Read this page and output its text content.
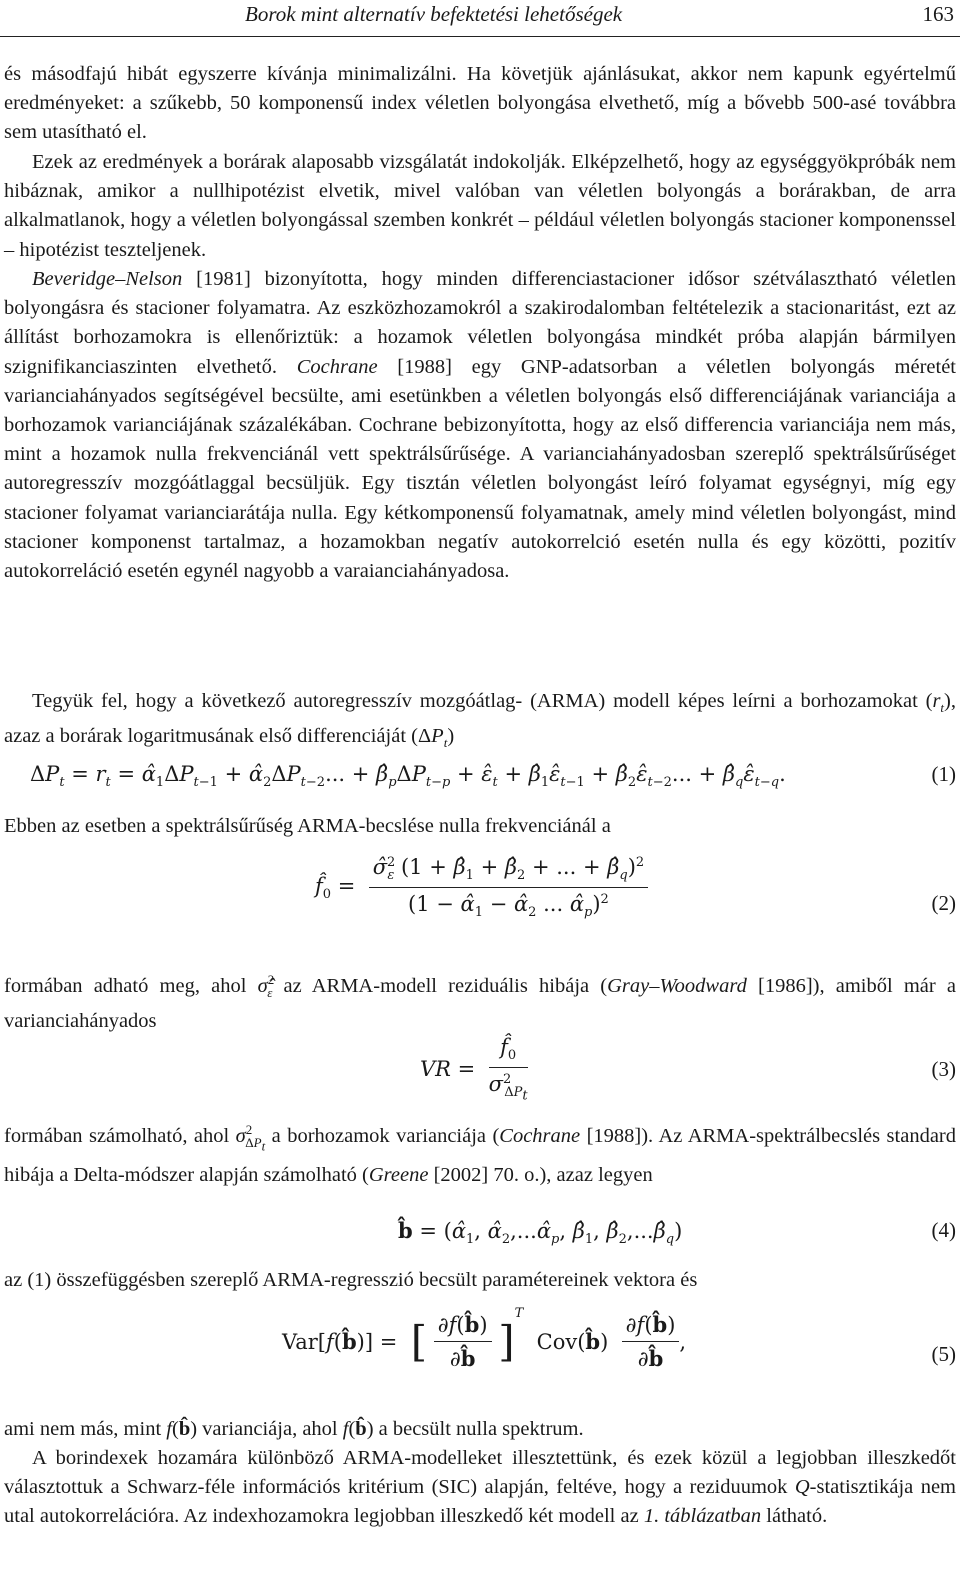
Borok mint alternatív befektetési lehetőségek	163

és másodfajú hibát egyszerre kívánja minimalizálni. Ha követjük ajánlásukat, akkor nem kapunk egyértelmű eredményeket: a szűkebb, 50 komponensű index véletlen bolyongása elvethető, míg a bővebb 500-asé továbbra sem utasítható el.

Ezek az eredmények a borárak alaposabb vizsgálatát indokolják. Elképzelhető, hogy az egységgyökpróbák nem hibáznak, amikor a nullhipotézist elvetik, mivel valóban van véletlen bolyongás a borárakban, de arra alkalmatlanok, hogy a véletlen bolyongással szemben konkrét – például véletlen bolyongás stacioner komponenssel – hipotézist teszteljenek.

Beveridge–Nelson [1981] bizonyította, hogy minden differenciastacioner idősor szétválasztható véletlen bolyongásra és stacioner folyamatra. Az eszközhozamokról a szakirodalomban feltételezik a stacionaritást, ezt az állítást borhozamokra is ellenőriztük: a hozamok véletlen bolyongása mindkét próba alapján bármilyen szignifikanciaszinten elvethető. Cochrane [1988] egy GNP-adatsorban a véletlen bolyongás méretét varianciahányados segítségével becsülte, ami esetünkben a véletlen bolyongás első differenciájának varianciája a borhozamok varianciájának százalékában. Cochrane bebizonyította, hogy az első differencia varianciája nem más, mint a hozamok nulla frekvenciánál vett spektrálsűrűsége. A varianciahányadosban szereplő spektrálsűrűséget autoregresszív mozgóátlaggal becsüljük. Egy tisztán véletlen bolyongást leíró folyamat egységnyi, míg egy stacioner folyamat varianciarátája nulla. Egy kétkomponensű folyamatnak, amely mind véletlen bolyongást, mind stacioner komponenst tartalmaz, a hozamokban negatív autokorrelció esetén nulla és egy közötti, pozitív autokorreláció esetén egynél nagyobb a varaianciahányadosa.

Tegyük fel, hogy a következő autoregresszív mozgóátlag- (ARMA) modell képes leírni a borhozamokat $(r_t)$, azaz a borárak logaritmusának első differenciáját $(\Delta P_t)$

$\Delta P_t = r_t$ = $\alphâ_1\Delta P_{t-1}$ + $\alphâ_2\Delta P_{t-2}$... + $\betâ_p\Delta P_{t-p}$ + $\varepsilon̂_t$ + $\betâ_1\varepsilon̂_{t-1}$ + $\betâ_2\varepsilon̂_{t-2}$... + $\betâ_q\varepsilon̂_{t-q}$.	(1)

Ebben az esetben a spektrálsűrűség ARMA-becslése nulla frekvenciánál a

$f̂_0 = \frac{\sigmâ^2_\varepsilon (1 + \betâ_1 + \betâ_2 + ... + \betâ_q)^2}{(1 - \alphâ_1 - \alphâ_2 ... \alphâ_p)^2}$	(2)

formában adható meg, ahol σ̂$^2_\varepsilon$ az ARMA-modell reziduális hibája (Gray–Woodward [1986]), amiből már a varianciahányados

VR = $\frac{f̂_0}{\sigma^2_{\Delta P_t}}$	(3)

formában számolható, ahol $\sigma^2_{\Delta P_t}$ a borhozamok varianciája (Cochrane [1988]). Az ARMA-spektrálbecslés standard hibája a Delta-módszer alapján számolható (Greene [2002] 70. o.), azaz legyen

b̂ = ($\alphâ_1$, $\alphâ_2,...\alphâ_p$, $\betâ_1$, $\betâ_2,...\betâ_q$)	(4)

az (1) összefüggésben szereplő ARMA-regresszió becsült paramétereinek vektora és

Var[f(b̂)] =  [ $\frac{\partial f(b̂)}{\partial b̂} ]^T$  Cov(b̂) $\frac{\partial f(b̂)}{\partial b̂}$ ,
(5)

ami nem más, mint f(b̂) varianciája, ahol f(b̂) a becsült nulla spektrum.

A borindexek hozamára különböző ARMA-modelleket illesztettünk, és ezek közül a legjobban illeszkedőt választottuk a Schwarz-féle információs kritérium (SIC) alapján, feltéve, hogy a reziduumok Q-statisztikája nem utal autokorrelációra. Az indexhozamokra legjobban illeszkedő két modell az 1. táblázatban látható.
